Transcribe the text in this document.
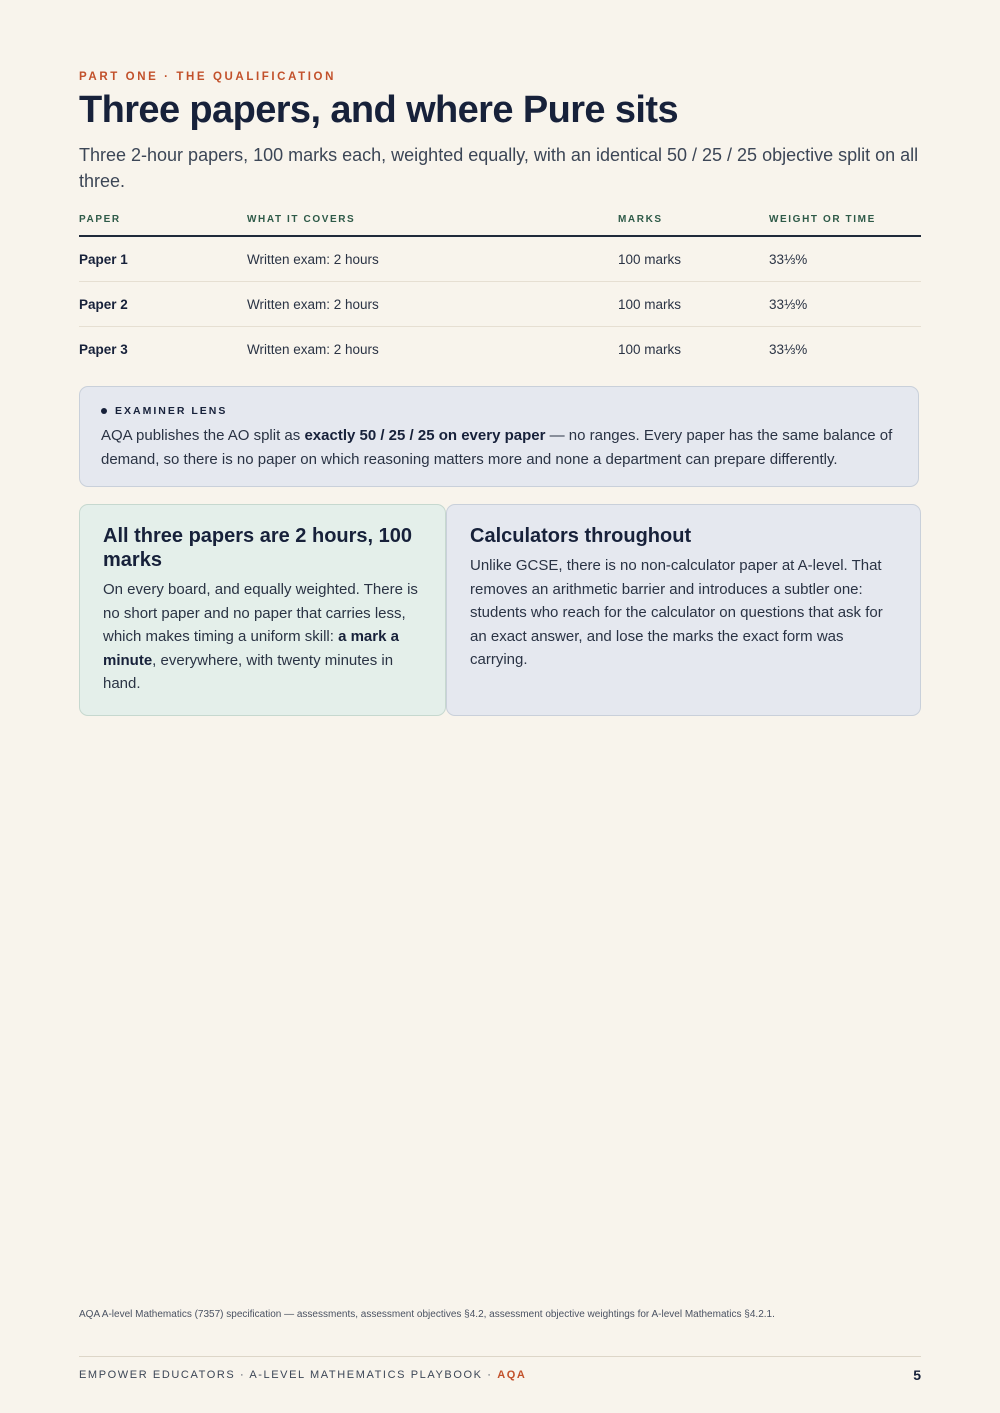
PART ONE · THE QUALIFICATION
Three papers, and where Pure sits

Three 2-hour papers, 100 marks each, weighted equally, with an identical 50 / 25 / 25 objective split on all three.

PAPER	WHAT IT COVERS	MARKS	WEIGHT OR TIME
Paper 1	Written exam: 2 hours	100 marks	33⅓%
Paper 2	Written exam: 2 hours	100 marks	33⅓%
Paper 3	Written exam: 2 hours	100 marks	33⅓%
EXAMINER LENS
AQA publishes the AO split as exactly 50 / 25 / 25 on every paper — no ranges. Every paper has the same balance of demand, so there is no paper on which reasoning matters more and none a department can prepare differently.
All three papers are 2 hours, 100 marks

On every board, and equally weighted. There is no short paper and no paper that carries less, which makes timing a uniform skill: a mark a minute, everywhere, with twenty minutes in hand.

Calculators throughout

Unlike GCSE, there is no non-calculator paper at A-level. That removes an arithmetic barrier and introduces a subtler one: students who reach for the calculator on questions that ask for an exact answer, and lose the marks the exact form was carrying.

AQA A-level Mathematics (7357) specification — assessments, assessment objectives §4.2, assessment objective weightings for A-level Mathematics §4.2.1.
EMPOWER EDUCATORS · A-LEVEL MATHEMATICS PLAYBOOK · AQA	5
